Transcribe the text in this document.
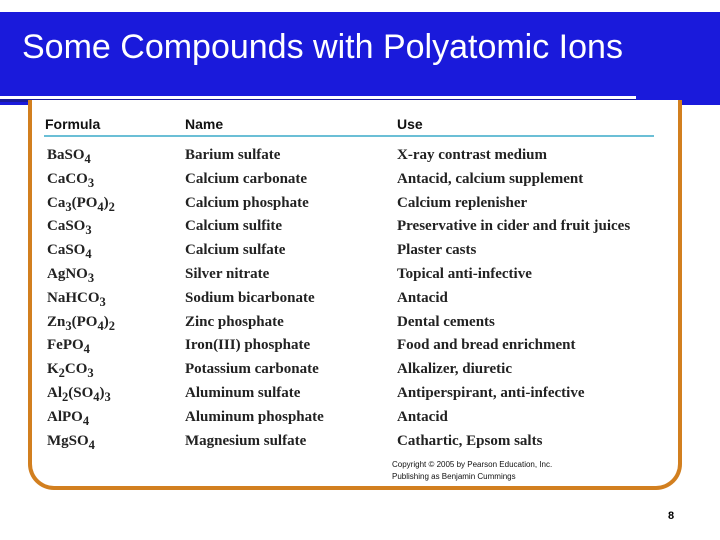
Some Compounds with Polyatomic Ions
Formula	Name	Use
BaSO$_4$	Barium sulfate	X-ray contrast medium
CaCO$_3$	Calcium carbonate	Antacid, calcium supplement
$Ca_3(PO_4)_2$	Calcium phosphate	Calcium replenisher
CaSO$_3$	Calcium sulfite	Preservative in cider and fruit juices
CaSO$_4$	Calcium sulfate	Plaster casts
AgNO$_3$	Silver nitrate	Topical anti-infective
NaHCO$_3$	Sodium bicarbonate	Antacid
$Zn_3(PO_4)_2$	Zinc phosphate	Dental cements
FePO$_4$	Iron(III) phosphate	Food and bread enrichment
$K_2CO_3$	Potassium carbonate	Alkalizer, diuretic
$Al_2(SO_4)_3$	Aluminum sulfate	Antiperspirant, anti-infective
AlPO$_4$	Aluminum phosphate	Antacid
MgSO$_4$	Magnesium sulfate	Cathartic, Epsom salts
Copyright © 2005 by Pearson Education, Inc.
Publishing as Benjamin Cummings
8
